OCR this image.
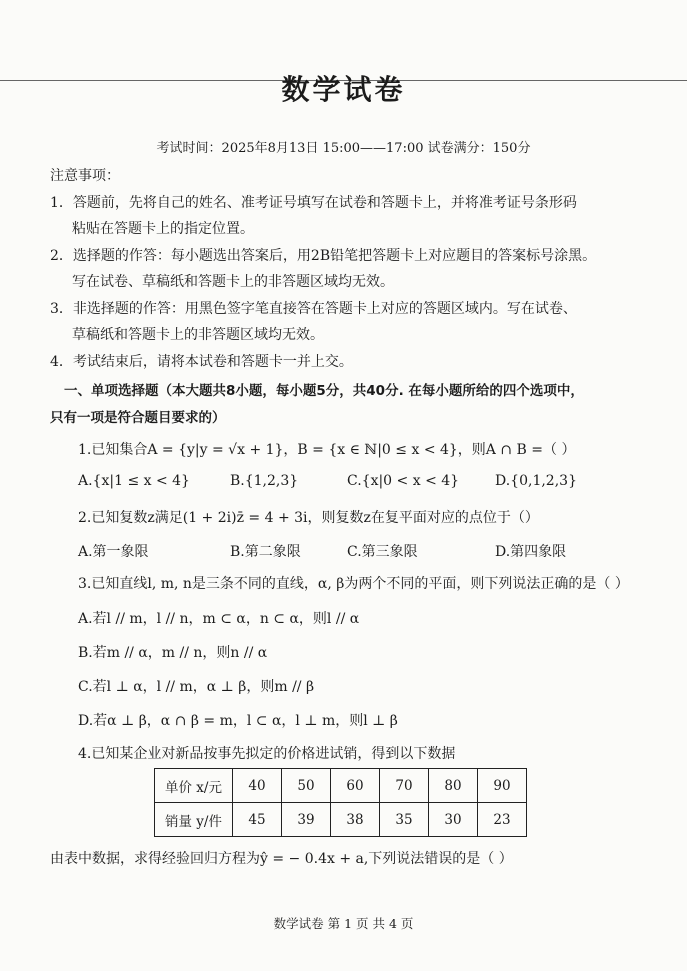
数学试卷
考试时间：2025年8月13日 15:00——17:00 试卷满分：150分
注意事项：
1．答题前，先将自己的姓名、准考证号填写在试卷和答题卡上，并将准考证号条形码
粘贴在答题卡上的指定位置。
2．选择题的作答：每小题选出答案后，用2B铅笔把答题卡上对应题目的答案标号涂黑。
写在试卷、草稿纸和答题卡上的非答题区域均无效。
3．非选择题的作答：用黑色签字笔直接答在答题卡上对应的答题区域内。写在试卷、
草稿纸和答题卡上的非答题区域均无效。
4．考试结束后，请将本试卷和答题卡一并上交。
一、单项选择题（本大题共8小题，每小题5分，共40分. 在每小题所给的四个选项中，
只有一项是符合题目要求的）
1.已知集合A = {y|y = √x + 1}，B = {x ∈ ℕ|0 ≤ x < 4}，则A ∩ B =（ ）
A.{x|1 ≤ x < 4}	B.{1,2,3}	C.{x|0 < x < 4}	D.{0,1,2,3}
2.已知复数z满足(1 + 2i)z̄ = 4 + 3i，则复数z在复平面对应的点位于（）
A.第一象限	B.第二象限	C.第三象限	D.第四象限
3.已知直线l, m, n是三条不同的直线，α, β为两个不同的平面，则下列说法正确的是（ ）
A.若l // m，l // n，m ⊂ α，n ⊂ α，则l // α
B.若m // α，m // n，则n // α
C.若l ⊥ α，l // m，α ⊥ β，则m // β
D.若α ⊥ β，α ∩ β = m，l ⊂ α，l ⊥ m，则l ⊥ β
4.已知某企业对新品按事先拟定的价格进试销，得到以下数据
单价 x/元	40	50	60	70	80	90
销量 y/件	45	39	38	35	30	23
由表中数据，求得经验回归方程为ŷ = − 0.4x + a,下列说法错误的是（ ）
数学试卷 第 1 页 共 4 页
